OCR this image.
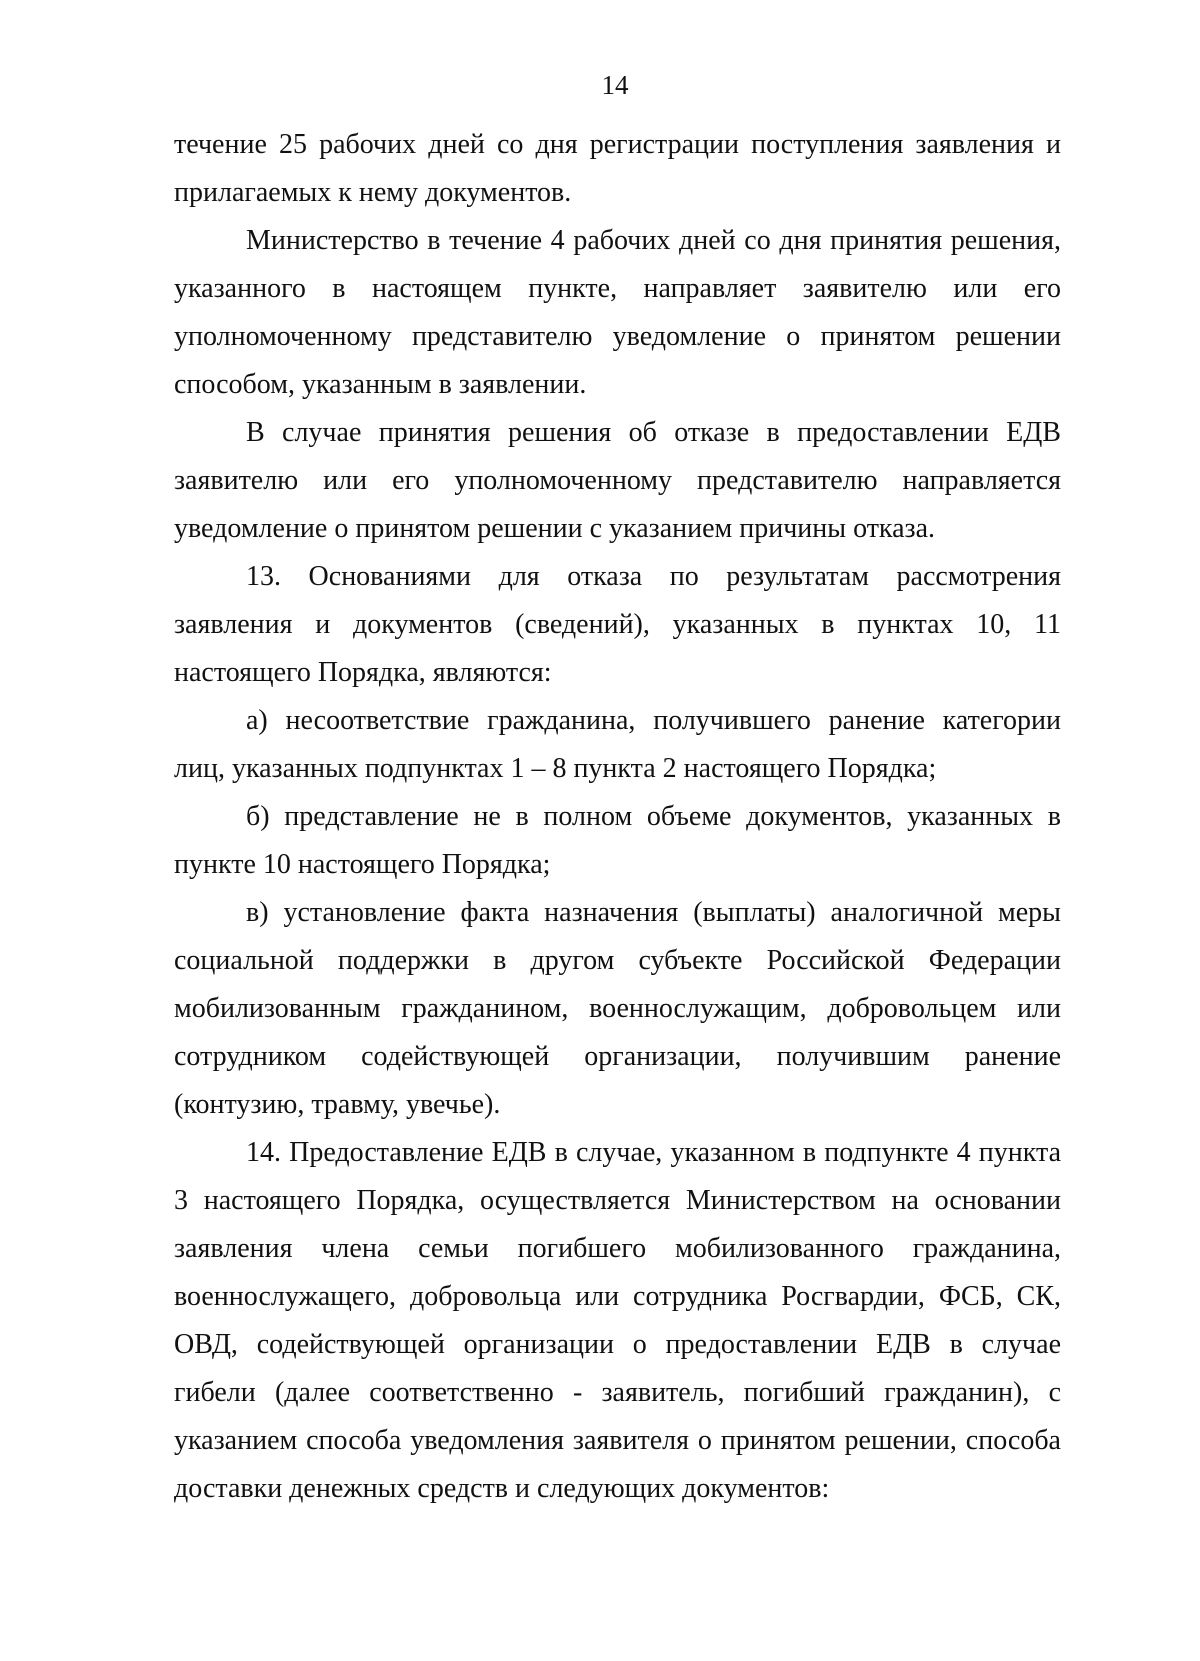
14

течение 25 рабочих дней со дня регистрации поступления заявления и прилагаемых к нему документов.

Министерство в течение 4 рабочих дней со дня принятия решения, указанного в настоящем пункте, направляет заявителю или его уполномоченному представителю уведомление о принятом решении способом, указанным в заявлении.

В случае принятия решения об отказе в предоставлении ЕДВ заявителю или его уполномоченному представителю направляется уведомление о принятом решении с указанием причины отказа.

13. Основаниями для отказа по результатам рассмотрения заявления и документов (сведений), указанных в пунктах 10, 11 настоящего Порядка, являются:

а) несоответствие гражданина, получившего ранение категории лиц, указанных подпунктах 1 – 8 пункта 2 настоящего Порядка;

б) представление не в полном объеме документов, указанных в пункте 10 настоящего Порядка;

в) установление факта назначения (выплаты) аналогичной меры социальной поддержки в другом субъекте Российской Федерации мобилизованным гражданином, военнослужащим, добровольцем или сотрудником содействующей организации, получившим ранение (контузию, травму, увечье).

14. Предоставление ЕДВ в случае, указанном в подпункте 4 пункта 3 настоящего Порядка, осуществляется Министерством на основании заявления члена семьи погибшего мобилизованного гражданина, военнослужащего, добровольца или сотрудника Росгвардии, ФСБ, СК, ОВД, содействующей организации о предоставлении ЕДВ в случае гибели (далее соответственно - заявитель, погибший гражданин), с указанием способа уведомления заявителя о принятом решении, способа доставки денежных средств и следующих документов:
